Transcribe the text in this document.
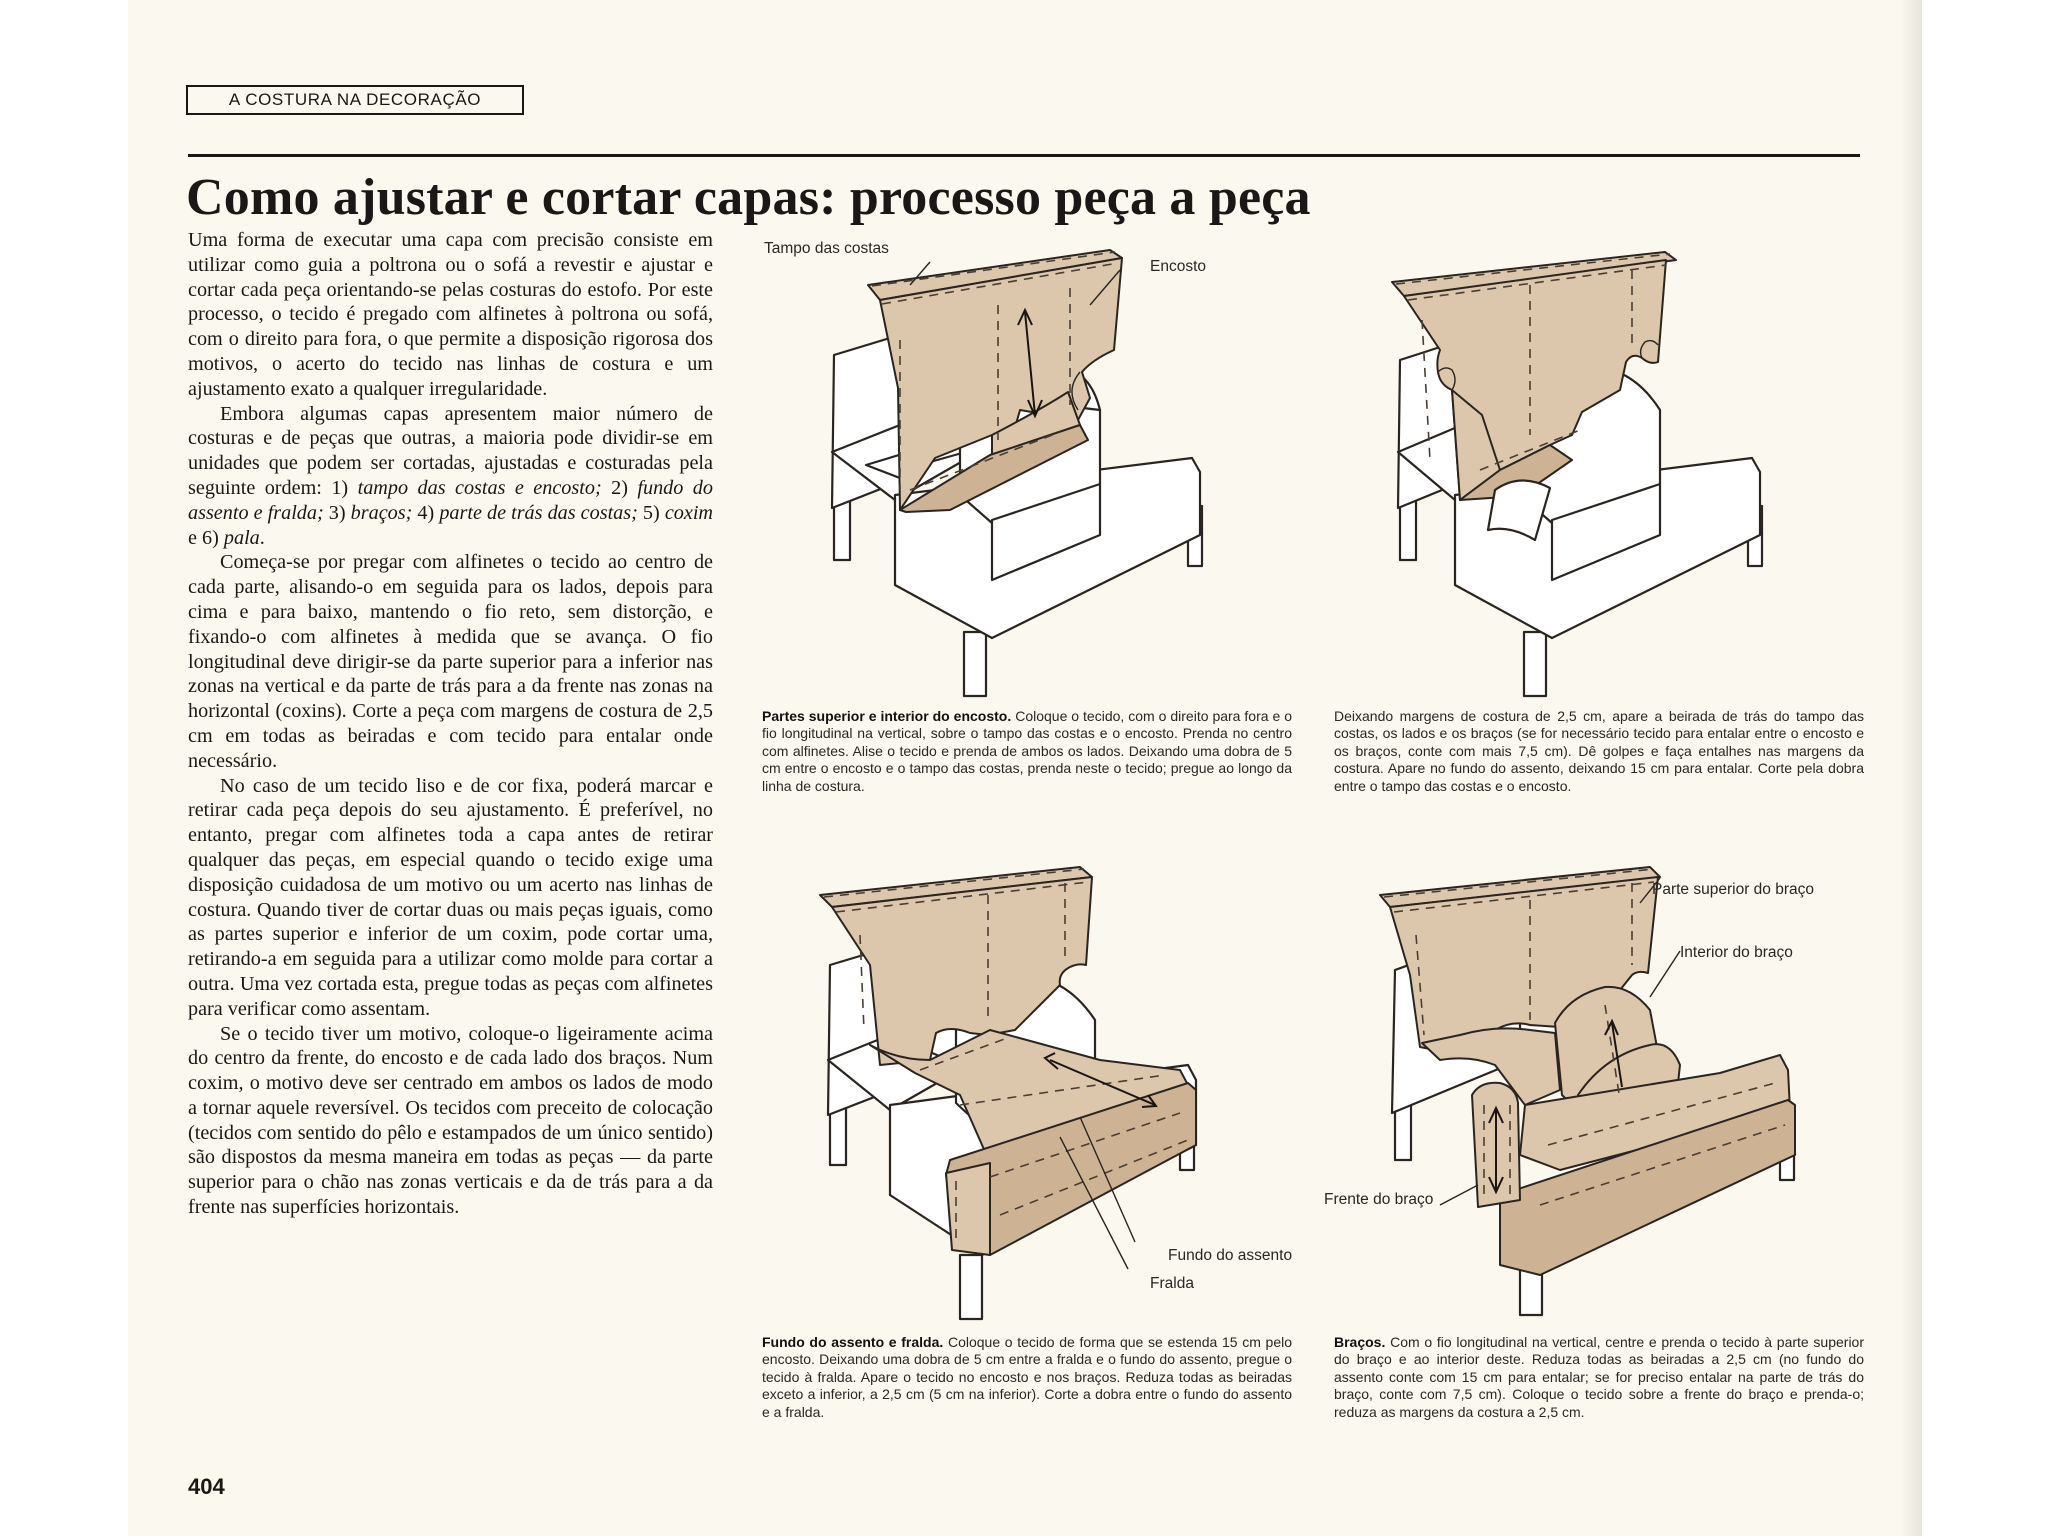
A COSTURA NA DECORAÇÃO
Como ajustar e cortar capas: processo peça a peça

Uma forma de executar uma capa com precisão consiste em utilizar como guia a poltrona ou o sofá a revestir e ajustar e cortar cada peça orientando-se pelas costuras do estofo. Por este processo, o tecido é pregado com alfinetes à poltrona ou sofá, com o direito para fora, o que permite a disposição rigorosa dos motivos, o acerto do tecido nas linhas de costura e um ajustamento exato a qualquer irregularidade.

Embora algumas capas apresentem maior número de costuras e de peças que outras, a maioria pode dividir-se em unidades que podem ser cortadas, ajustadas e costuradas pela seguinte ordem: 1) tampo das costas e encosto; 2) fundo do assento e fralda; 3) braços; 4) parte de trás das costas; 5) coxim e 6) pala.

Começa-se por pregar com alfinetes o tecido ao centro de cada parte, alisando-o em seguida para os lados, depois para cima e para baixo, mantendo o fio reto, sem distorção, e fixando-o com alfinetes à medida que se avança. O fio longitudinal deve dirigir-se da parte superior para a inferior nas zonas na vertical e da parte de trás para a da frente nas zonas na horizontal (coxins). Corte a peça com margens de costura de 2,5 cm em todas as beiradas e com tecido para entalar onde necessário.

No caso de um tecido liso e de cor fixa, poderá marcar e retirar cada peça depois do seu ajustamento. É preferível, no entanto, pregar com alfinetes toda a capa antes de retirar qualquer das peças, em especial quando o tecido exige uma disposição cuidadosa de um motivo ou um acerto nas linhas de costura. Quando tiver de cortar duas ou mais peças iguais, como as partes superior e inferior de um coxim, pode cortar uma, retirando-a em seguida para a utilizar como molde para cortar a outra. Uma vez cortada esta, pregue todas as peças com alfinetes para verificar como assentam.

Se o tecido tiver um motivo, coloque-o ligeiramente acima do centro da frente, do encosto e de cada lado dos braços. Num coxim, o motivo deve ser centrado em ambos os lados de modo a tornar aquele reversível. Os tecidos com preceito de colocação (tecidos com sentido do pêlo e estampados de um único sentido) são dispostos da mesma maneira em todas as peças — da parte superior para o chão nas zonas verticais e da de trás para a da frente nas superfícies horizontais.

404
Tampo das costas
Encosto
Partes superior e interior do encosto. Coloque o tecido, com o direito para fora e o fio longitudinal na vertical, sobre o tampo das costas e o encosto. Prenda no centro com alfinetes. Alise o tecido e prenda de ambos os lados. Deixando uma dobra de 5 cm entre o encosto e o tampo das costas, prenda neste o tecido; pregue ao longo da linha de costura.
Deixando margens de costura de 2,5 cm, apare a beirada de trás do tampo das costas, os lados e os braços (se for necessário tecido para entalar entre o encosto e os braços, conte com mais 7,5 cm). Dê golpes e faça entalhes nas margens da costura. Apare no fundo do assento, deixando 15 cm para entalar. Corte pela dobra entre o tampo das costas e o encosto.
Fundo do assento
Fralda
Fundo do assento e fralda. Coloque o tecido de forma que se estenda 15 cm pelo encosto. Deixando uma dobra de 5 cm entre a fralda e o fundo do assento, pregue o tecido à fralda. Apare o tecido no encosto e nos braços. Reduza todas as beiradas exceto a inferior, a 2,5 cm (5 cm na inferior). Corte a dobra entre o fundo do assento e a fralda.
Parte superior do braço
Interior do braço
Frente do braço
Braços. Com o fio longitudinal na vertical, centre e prenda o tecido à parte superior do braço e ao interior deste. Reduza todas as beiradas a 2,5 cm (no fundo do assento conte com 15 cm para entalar; se for preciso entalar na parte de trás do braço, conte com 7,5 cm). Coloque o tecido sobre a frente do braço e prenda-o; reduza as margens da costura a 2,5 cm.
